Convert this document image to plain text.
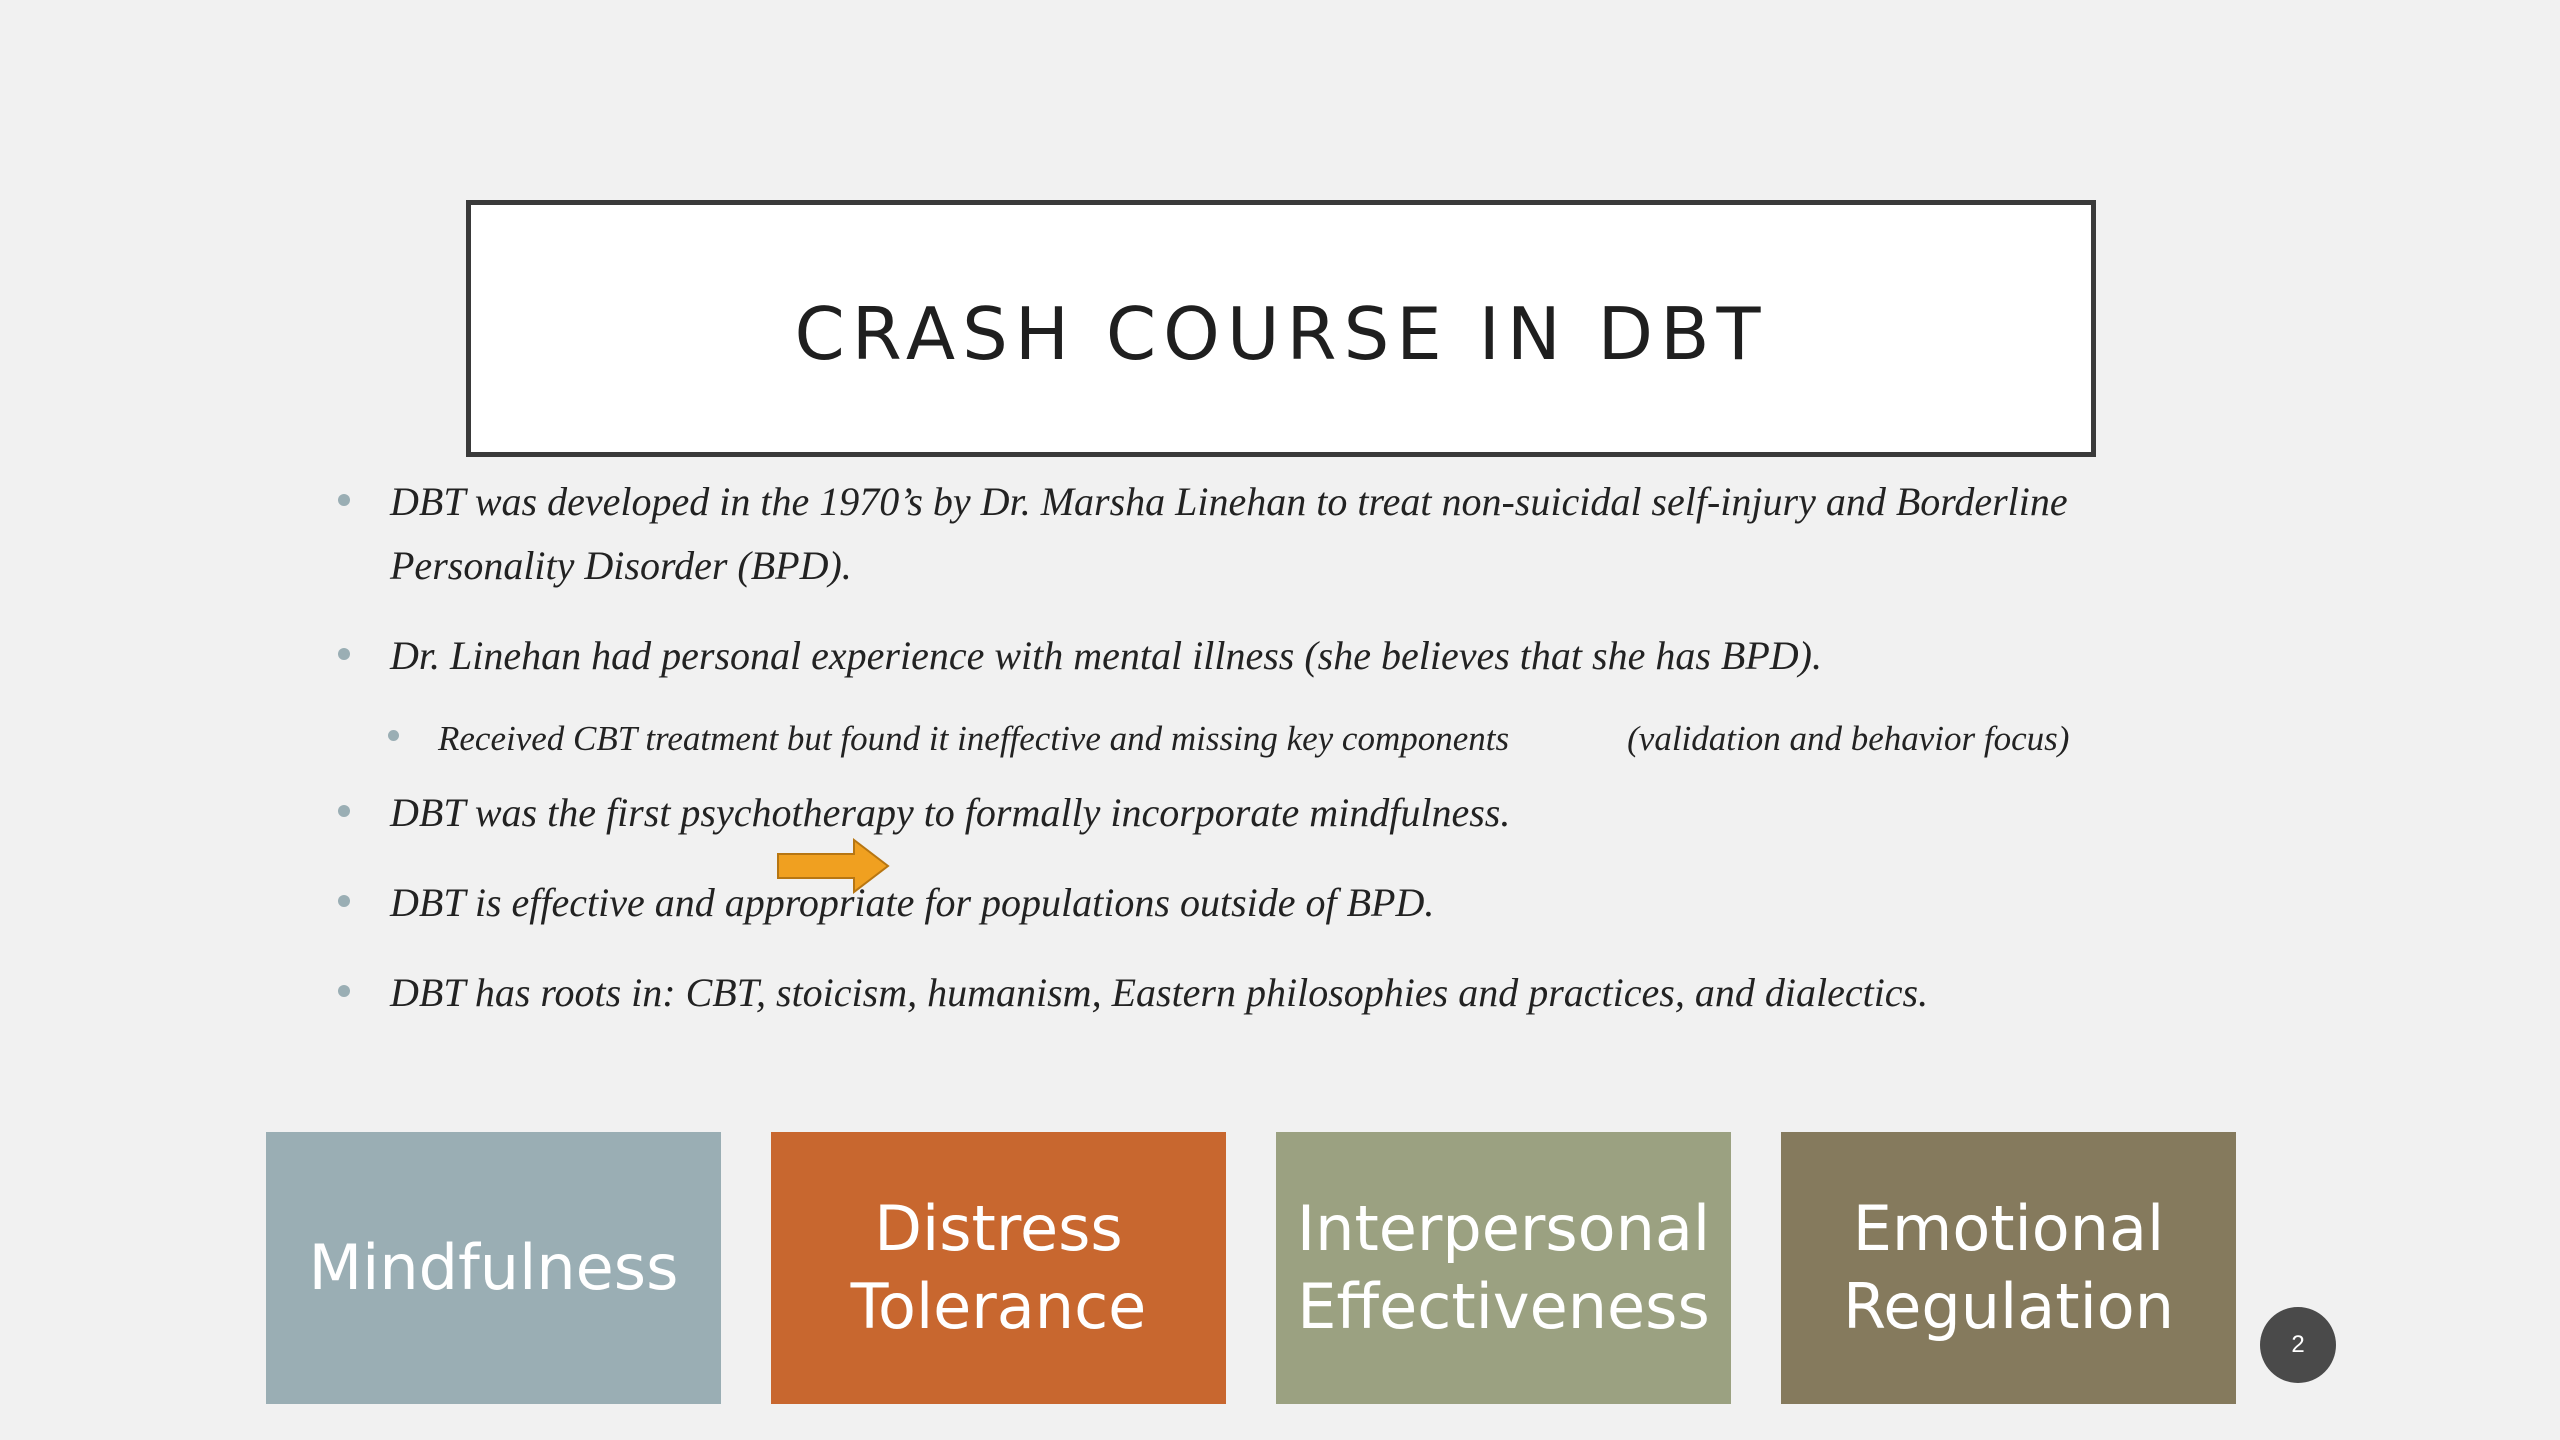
CRASH COURSE IN DBT
DBT was developed in the 1970’s by Dr. Marsha Linehan to treat non-suicidal self-injury and Borderline Personality Disorder (BPD).
Dr. Linehan had personal experience with mental illness (she believes that she has BPD).
Received CBT treatment but found it ineffective and missing key components	(validation and behavior focus)
DBT was the first psychotherapy to formally incorporate mindfulness.
DBT is effective and appropriate for populations outside of BPD.
DBT has roots in: CBT, stoicism, humanism, Eastern philosophies and practices, and dialectics.
Mindfulness
Distress
Tolerance
Interpersonal
Effectiveness
Emotional
Regulation
2
